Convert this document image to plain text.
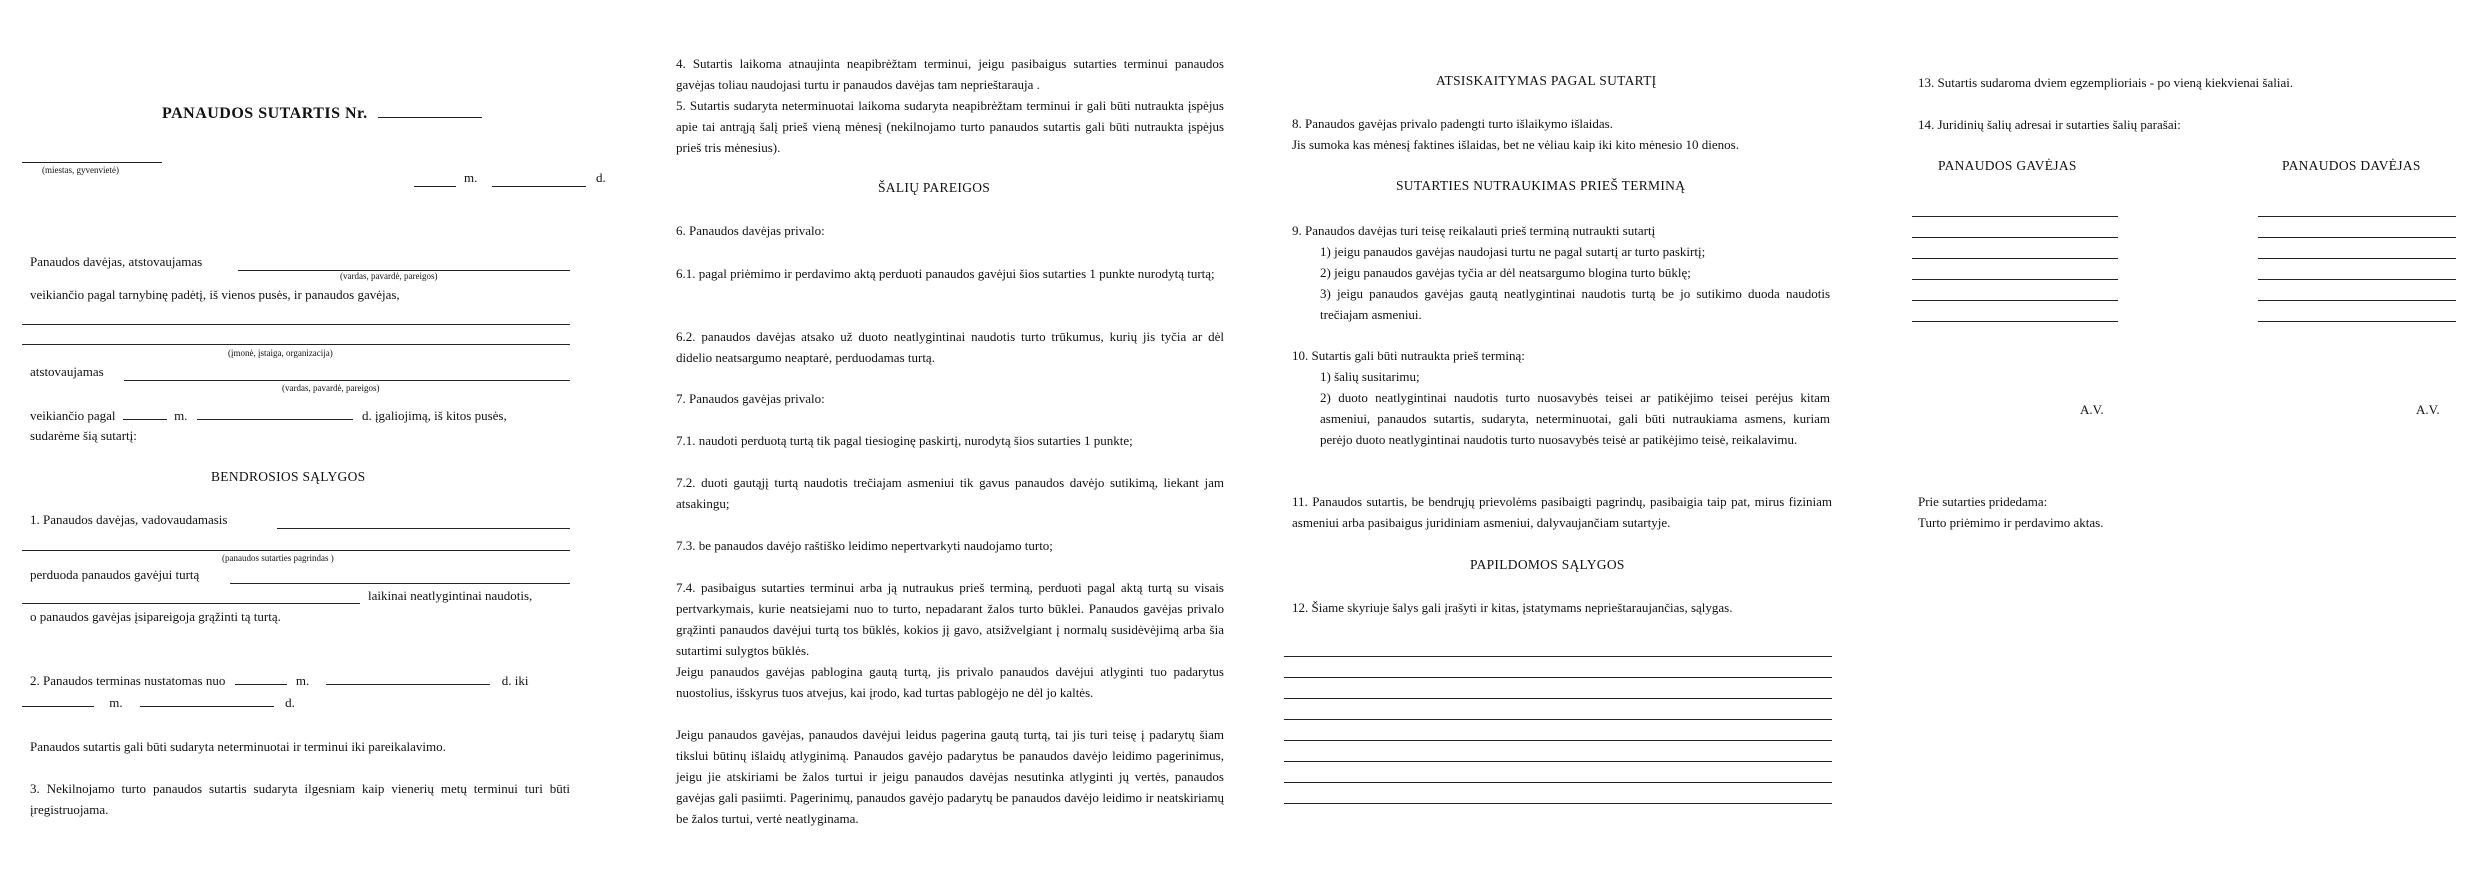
PANAUDOS SUTARTIS Nr.
(miestas, gyvenvietė)	m.	d.
Panaudos davėjas, atstovaujamas
(vardas, pavardė, pareigos)
veikiančio pagal tarnybinę padėtį, iš vienos pusės, ir panaudos gavėjas,
(įmonė, įstaiga, organizacija)
atstovaujamas
(vardas, pavardė, pareigos)
veikiančio pagal	m.	d. įgaliojimą, iš kitos pusės,
sudarėme šią sutartį:
BENDROSIOS SĄLYGOS
1. Panaudos davėjas, vadovaudamasis
(panaudos sutarties pagrindas )
perduoda panaudos gavėjui turtą
laikinai neatlygintinai naudotis,
o panaudos gavėjas įsipareigoja grąžinti tą turtą.
2. Panaudos terminas nustatomas nuo	m.	d. iki
m.	d.
Panaudos sutartis gali būti sudaryta neterminuotai ir terminui iki pareikalavimo.
3. Nekilnojamo turto panaudos sutartis sudaryta ilgesniam kaip vienerių metų terminui turi būti įregistruojama.
4. Sutartis laikoma atnaujinta neapibrėžtam terminui, jeigu pasibaigus sutarties terminui panaudos gavėjas toliau naudojasi turtu ir panaudos davėjas tam neprieštarauja .
5. Sutartis sudaryta neterminuotai laikoma sudaryta neapibrėžtam terminui ir gali būti nutraukta įspėjus apie tai antrąją šalį prieš vieną mėnesį (nekilnojamo turto panaudos sutartis gali būti nutraukta įspėjus prieš tris mėnesius).
ŠALIŲ PAREIGOS
6. Panaudos davėjas privalo:
6.1. pagal priėmimo ir perdavimo aktą perduoti panaudos gavėjui šios sutarties 1 punkte nurodytą turtą;
6.2. panaudos davėjas atsako už duoto neatlygintinai naudotis turto trūkumus, kurių jis tyčia ar dėl didelio neatsargumo neaptarė, perduodamas turtą.
7. Panaudos gavėjas privalo:
7.1. naudoti perduotą turtą tik pagal tiesioginę paskirtį, nurodytą šios sutarties 1 punkte;
7.2. duoti gautąjį turtą naudotis trečiajam asmeniui tik gavus panaudos davėjo sutikimą, liekant jam atsakingu;
7.3. be panaudos davėjo raštiško leidimo nepertvarkyti naudojamo turto;
7.4. pasibaigus sutarties terminui arba ją nutraukus prieš terminą, perduoti pagal aktą turtą su visais pertvarkymais, kurie neatsiejami nuo to turto, nepadarant žalos turto būklei. Panaudos gavėjas privalo grąžinti panaudos davėjui turtą tos būklės, kokios jį gavo, atsižvelgiant į normalų susidėvėjimą arba šia sutartimi sulygtos būklės.
Jeigu panaudos gavėjas pablogina gautą turtą, jis privalo panaudos davėjui atlyginti tuo padarytus nuostolius, išskyrus tuos atvejus, kai įrodo, kad turtas pablogėjo ne dėl jo kaltės.
Jeigu panaudos gavėjas, panaudos davėjui leidus pagerina gautą turtą, tai jis turi teisę į padarytų šiam tikslui būtinų išlaidų atlyginimą. Panaudos gavėjo padarytus be panaudos davėjo leidimo pagerinimus, jeigu jie atskiriami be žalos turtui ir jeigu panaudos davėjas nesutinka atlyginti jų vertės, panaudos gavėjas gali pasiimti. Pagerinimų, panaudos gavėjo padarytų be panaudos davėjo leidimo ir neatskiriamų be žalos turtui, vertė neatlyginama.
ATSISKAITYMAS PAGAL SUTARTĮ
8. Panaudos gavėjas privalo padengti turto išlaikymo išlaidas.
Jis sumoka kas mėnesį faktines išlaidas, bet ne vėliau kaip iki kito mėnesio 10 dienos.
SUTARTIES NUTRAUKIMAS PRIEŠ TERMINĄ
9. Panaudos davėjas turi teisę reikalauti prieš terminą nutraukti sutartį
1) jeigu panaudos gavėjas naudojasi turtu ne pagal sutartį ar turto paskirtį;
2) jeigu panaudos gavėjas tyčia ar dėl neatsargumo blogina turto būklę;
3) jeigu panaudos gavėjas gautą neatlygintinai naudotis turtą be jo sutikimo duoda naudotis trečiajam asmeniui.
10. Sutartis gali būti nutraukta prieš terminą:
1) šalių susitarimu;
2) duoto neatlygintinai naudotis turto nuosavybės teisei ar patikėjimo teisei perėjus kitam asmeniui, panaudos sutartis, sudaryta, neterminuotai, gali būti nutraukiama asmens, kuriam perėjo duoto neatlygintinai naudotis turto nuosavybės teisė ar patikėjimo teisė, reikalavimu.
11. Panaudos sutartis, be bendrųjų prievolėms pasibaigti pagrindų, pasibaigia taip pat, mirus fiziniam asmeniui arba pasibaigus juridiniam asmeniui, dalyvaujančiam sutartyje.
PAPILDOMOS SĄLYGOS
12. Šiame skyriuje šalys gali įrašyti ir kitas, įstatymams neprieštaraujančias, sąlygas.
13. Sutartis sudaroma dviem egzemplioriais - po vieną kiekvienai šaliai.
14. Juridinių šalių adresai ir sutarties šalių parašai:
PANAUDOS GAVĖJAS	PANAUDOS DAVĖJAS
A.V.	A.V.
Prie sutarties pridedama:
Turto priėmimo ir perdavimo aktas.
